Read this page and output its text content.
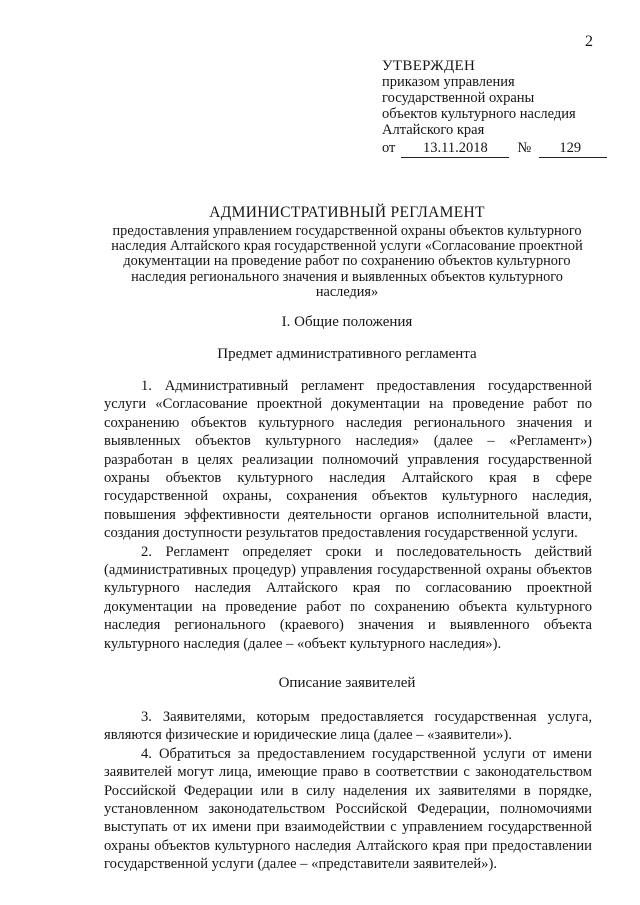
2
УТВЕРЖДЕН
приказом управления
государственной охраны
объектов культурного наследия
Алтайского края
от 13.11.2018 № 129
АДМИНИСТРАТИВНЫЙ РЕГЛАМЕНТ
предоставления управлением государственной охраны объектов культурного наследия Алтайского края государственной услуги «Согласование проектной документации на проведение работ по сохранению объектов культурного наследия регионального значения и выявленных объектов культурного наследия»
I. Общие положения
Предмет административного регламента

1. Административный регламент предоставления государственной услуги «Согласование проектной документации на проведение работ по сохранению объектов культурного наследия регионального значения и выявленных объектов культурного наследия» (далее – «Регламент») разработан в целях реализации полномочий управления государственной охраны объектов культурного наследия Алтайского края в сфере государственной охраны, сохранения объектов культурного наследия, повышения эффективности деятельности органов исполнительной власти, создания доступности результатов предоставления государственной услуги.

2. Регламент определяет сроки и последовательность действий (административных процедур) управления государственной охраны объектов культурного наследия Алтайского края по согласованию проектной документации на проведение работ по сохранению объекта культурного наследия регионального (краевого) значения и выявленного объекта культурного наследия (далее – «объект культурного наследия»).

Описание заявителей

3. Заявителями, которым предоставляется государственная услуга, являются физические и юридические лица (далее – «заявители»).

4. Обратиться за предоставлением государственной услуги от имени заявителей могут лица, имеющие право в соответствии с законодательством Российской Федерации или в силу наделения их заявителями в порядке, установленном законодательством Российской Федерации, полномочиями выступать от их имени при взаимодействии с управлением государственной охраны объектов культурного наследия Алтайского края при предоставлении государственной услуги (далее – «представители заявителей»).
